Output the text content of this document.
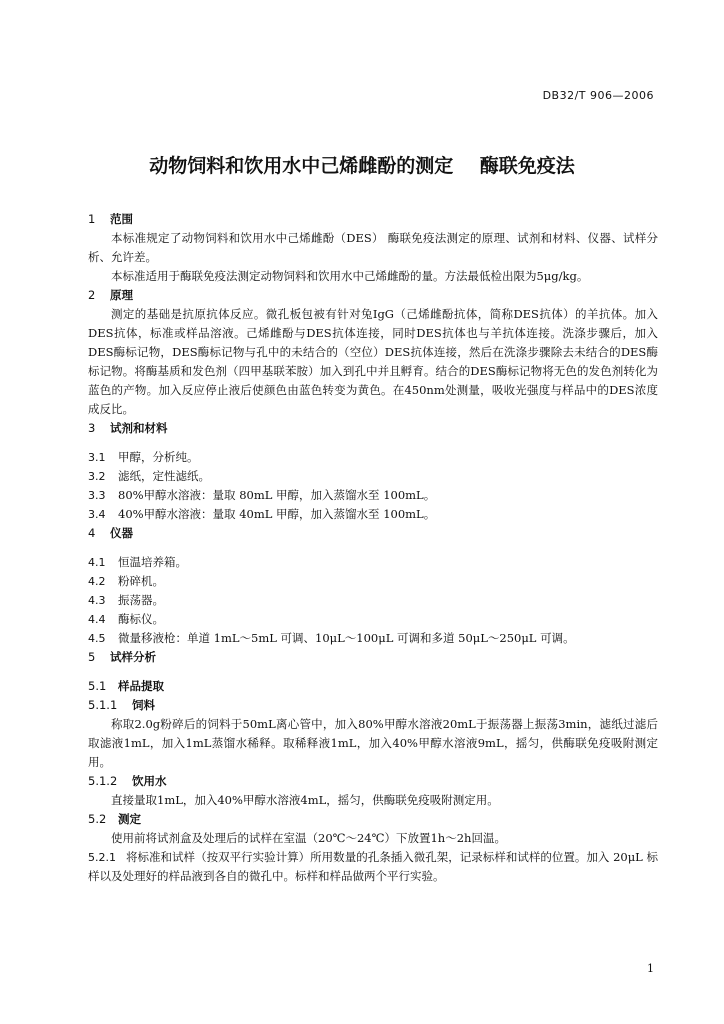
DB32/T 906—2006
动物饲料和饮用水中己烯雌酚的测定    酶联免疫法
1 范围

本标准规定了动物饲料和饮用水中己烯雌酚（DES） 酶联免疫法测定的原理、试剂和材料、仪器、试样分析、允许差。

本标准适用于酶联免疫法测定动物饲料和饮用水中己烯雌酚的量。方法最低检出限为5μg/kg。

2 原理

测定的基础是抗原抗体反应。微孔板包被有针对兔IgG（己烯雌酚抗体，简称DES抗体）的羊抗体。加入DES抗体，标准或样品溶液。己烯雌酚与DES抗体连接，同时DES抗体也与羊抗体连接。洗涤步骤后，加入DES酶标记物，DES酶标记物与孔中的未结合的（空位）DES抗体连接，然后在洗涤步骤除去未结合的DES酶标记物。将酶基质和发色剂（四甲基联苯胺）加入到孔中并且孵育。结合的DES酶标记物将无色的发色剂转化为蓝色的产物。加入反应停止液后使颜色由蓝色转变为黄色。在450nm处测量，吸收光强度与样品中的DES浓度成反比。

3 试剂和材料

3.1 甲醇，分析纯。

3.2 滤纸，定性滤纸。

3.3 80%甲醇水溶液：量取 80mL 甲醇，加入蒸馏水至 100mL。

3.4 40%甲醇水溶液：量取 40mL 甲醇，加入蒸馏水至 100mL。

4 仪器

4.1 恒温培养箱。

4.2 粉碎机。

4.3 振荡器。

4.4 酶标仪。

4.5 微量移液枪：单道 1mL～5mL 可调、10μL～100μL 可调和多道 50μL～250μL 可调。

5 试样分析
5.1 样品提取
5.1.1 饲料

称取2.0g粉碎后的饲料于50mL离心管中，加入80%甲醇水溶液20mL于振荡器上振荡3min，滤纸过滤后取滤液1mL，加入1mL蒸馏水稀释。取稀释液1mL，加入40%甲醇水溶液9mL，摇匀，供酶联免疫吸附测定用。

5.1.2 饮用水

直接量取1mL，加入40%甲醇水溶液4mL，摇匀，供酶联免疫吸附测定用。

5.2 测定

使用前将试剂盒及处理后的试样在室温（20℃～24℃）下放置1h～2h回温。

5.2.1 将标准和试样（按双平行实验计算）所用数量的孔条插入微孔架，记录标样和试样的位置。加入 20μL 标样以及处理好的样品液到各自的微孔中。标样和样品做两个平行实验。

1
